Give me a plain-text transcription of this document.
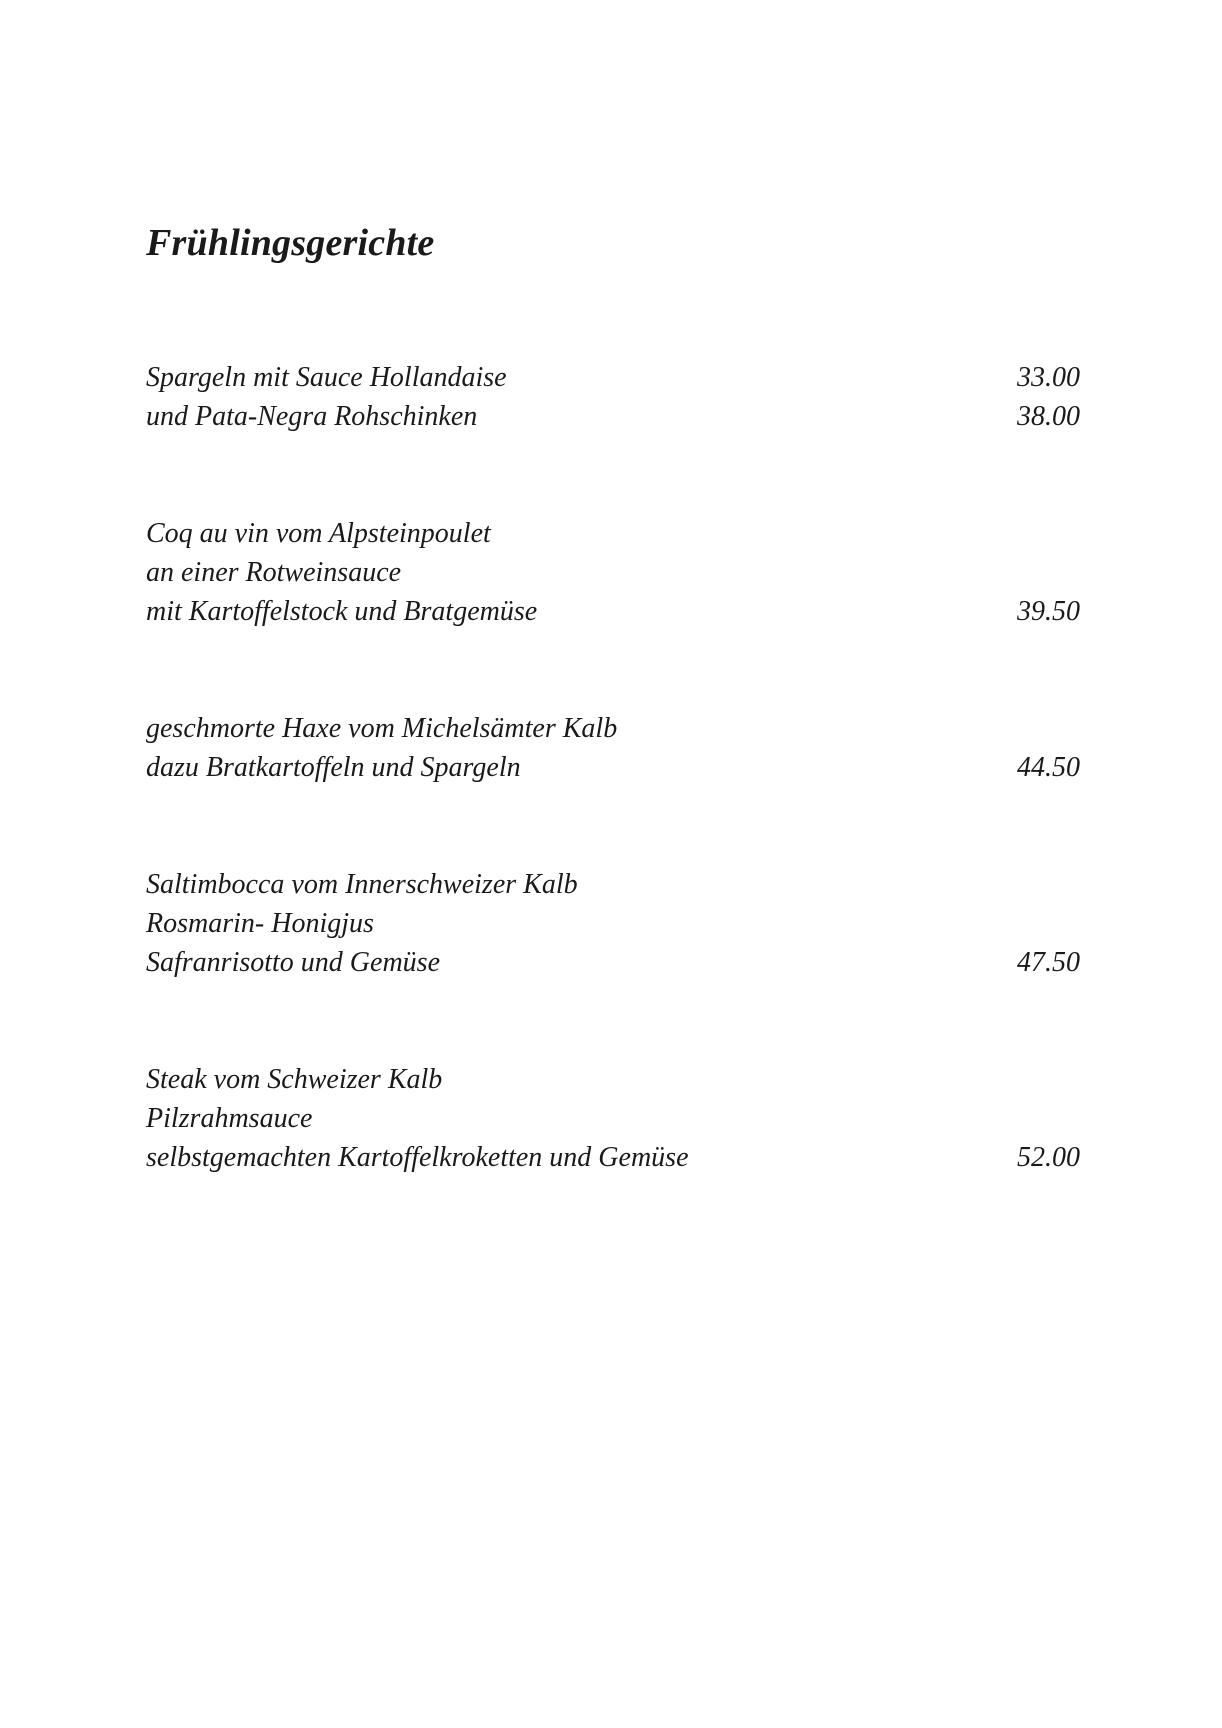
Frühlingsgerichte
Spargeln mit Sauce Hollandaise	33.00
und Pata-Negra Rohschinken	38.00
Coq au vin vom Alpsteinpoulet
an einer Rotweinsauce
mit Kartoffelstock und Bratgemüse	39.50
geschmorte Haxe vom Michelsämter Kalb
dazu Bratkartoffeln und Spargeln	44.50
Saltimbocca vom Innerschweizer Kalb
Rosmarin- Honigjus
Safranrisotto und Gemüse	47.50
Steak vom Schweizer Kalb
Pilzrahmsauce
selbstgemachten Kartoffelkroketten und Gemüse	52.00
